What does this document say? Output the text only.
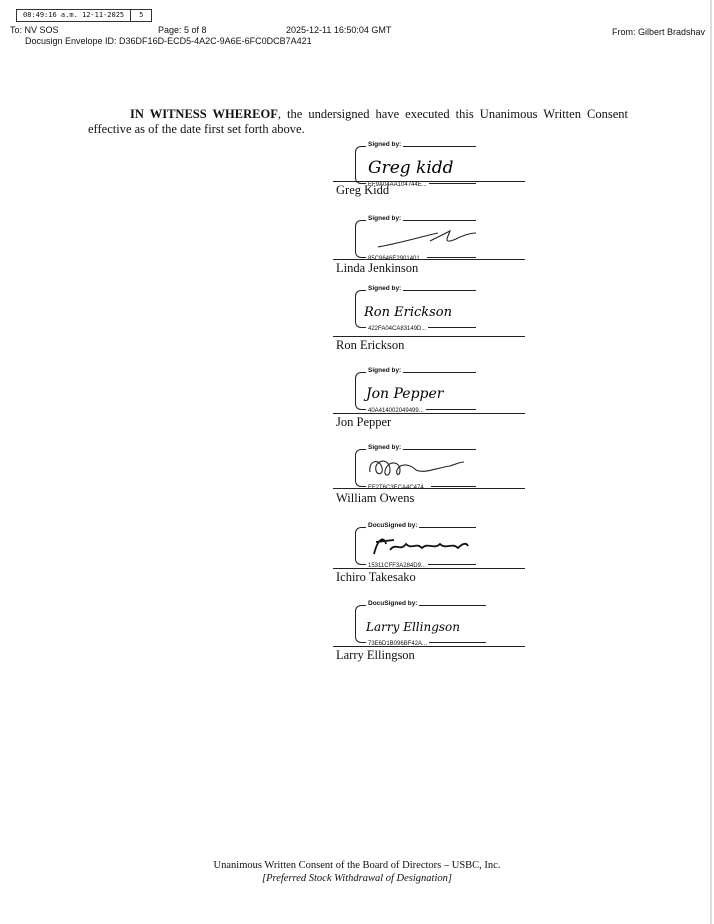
08:49:16 a.m. 12-11-2025	5
To: NV SOS	Page: 5 of 8	2025-12-11 16:50:04 GMT	From: Gilbert Bradshav
Docusign Envelope ID: D36DF16D-ECD5-4A2C-9A6E-6FC0DCB7A421
IN WITNESS WHEREOF, the undersigned have executed this Unanimous Written Consent effective as of the date first set forth above.
Signed by:
Greg kidd
EF9A04AA104744E...
Greg Kidd
Signed by:
85C8646E2901401...
Linda Jenkinson
Signed by:
Ron Erickson
422FA04CA83149D...
Ron Erickson
Signed by:
Jon Pepper
40A414002049499...
Jon Pepper
Signed by:
EF2T6C3ECA4C474...
William Owens
DocuSigned by:
15311CFF3A284D9...
Ichiro Takesako
DocuSigned by:
Larry Ellingson
73E6D1B096BF42A...
Larry Ellingson
Unanimous Written Consent of the Board of Directors – USBC, Inc.
[Preferred Stock Withdrawal of Designation]
